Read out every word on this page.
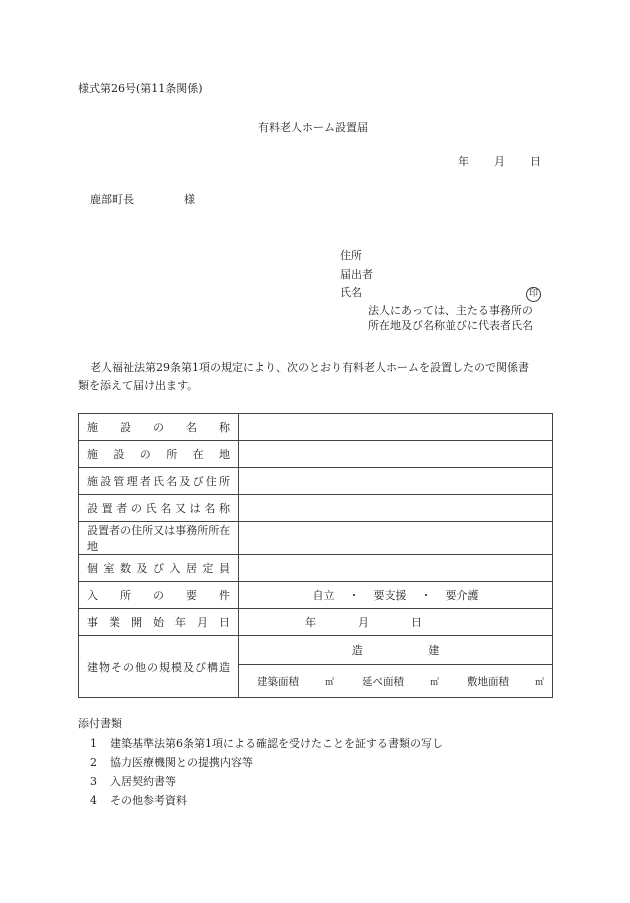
様式第26号(第11条関係)
有料老人ホーム設置届
年 月 日
鹿部町長	様
住所
届出者
氏名	印
法人にあっては、主たる事務所の
所在地及び名称並びに代表者氏名
老人福祉法第29条第1項の規定により、次のとおり有料老人ホームを設置したので関係書
類を添えて届け出ます。
施設の名称	

施設の所在地	

施設管理者氏名及び住所	

設置者の氏名又は名称	

設置者の住所又は事務所所在地	

個室数及び入居定員	

入所の要件	自立 ・ 要支援 ・ 要介護

事業開始年月日	年 月 日

建物その他の規模及び構造	造 建
建築面積 ㎡ 延べ面積 ㎡ 敷地面積 ㎡
添付書類
1 建築基準法第6条第1項による確認を受けたことを証する書類の写し
2 協力医療機関との提携内容等
3 入居契約書等
4 その他参考資料
